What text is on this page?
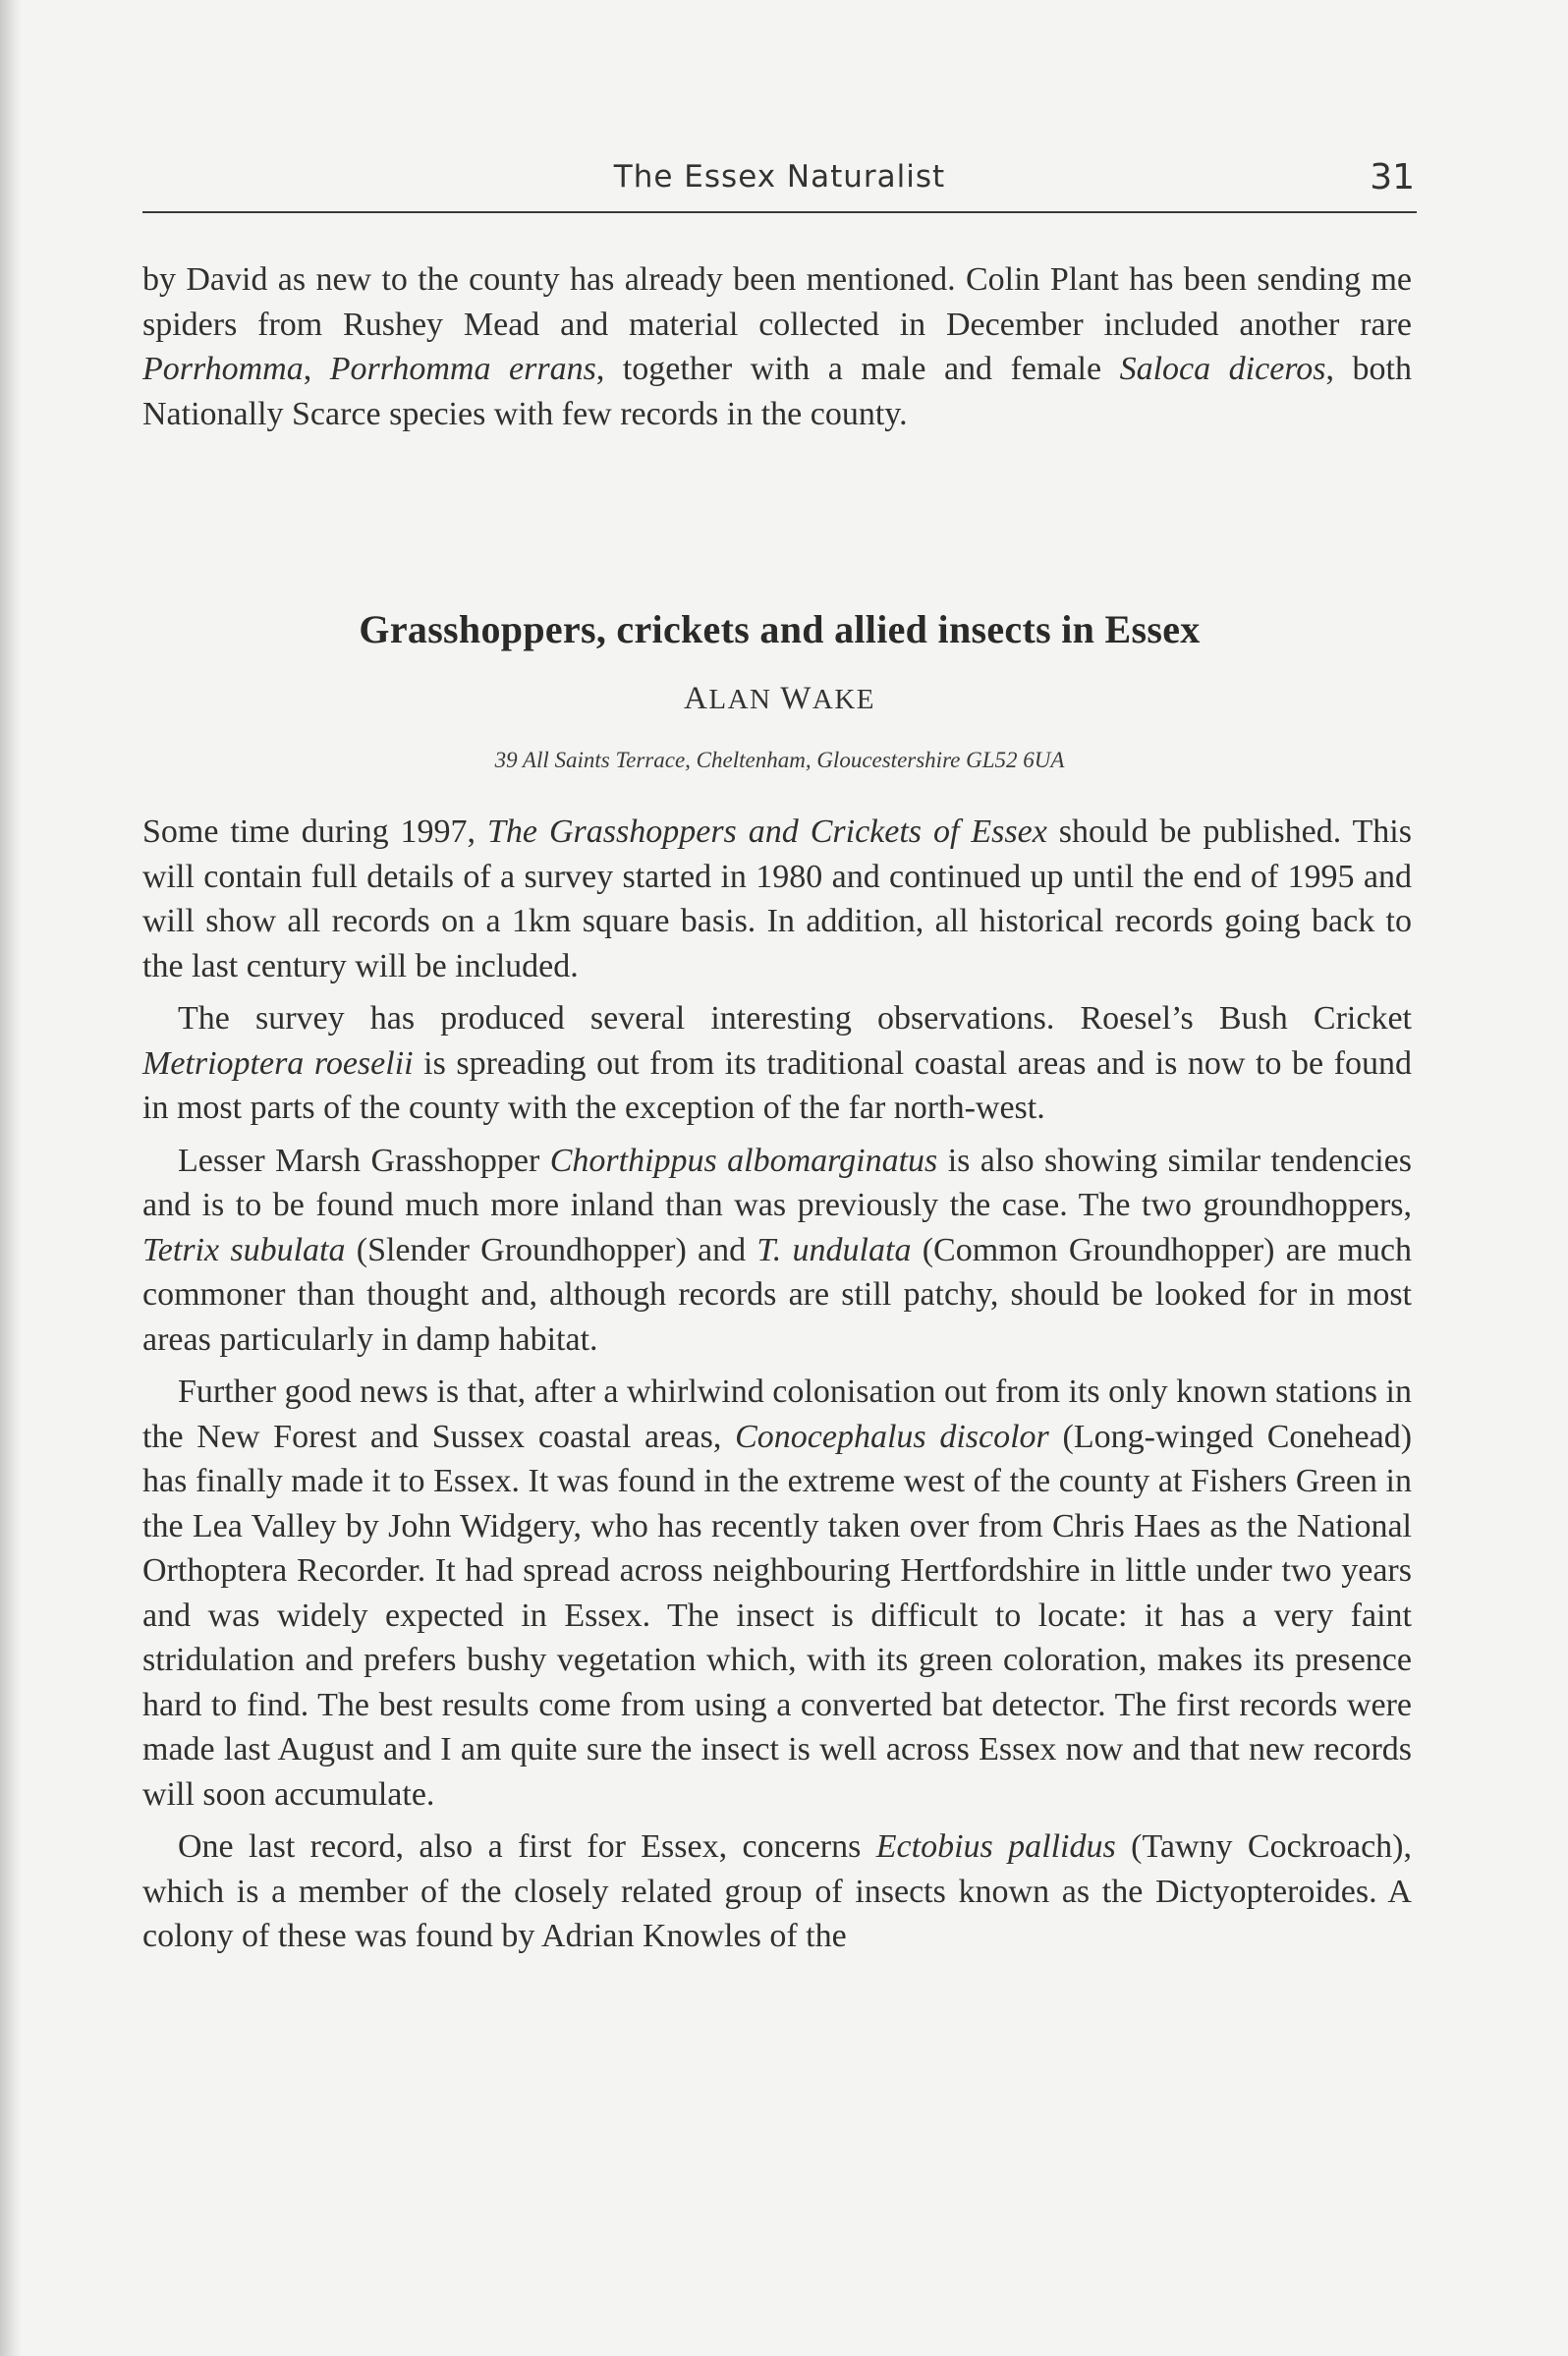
The Essex Naturalist	31

by David as new to the county has already been mentioned. Colin Plant has been sending me spiders from Rushey Mead and material collected in December included another rare Porrhomma, Porrhomma errans, together with a male and female Saloca diceros, both Nationally Scarce species with few records in the county.

Grasshoppers, crickets and allied insects in Essex
ALAN WAKE
39 All Saints Terrace, Cheltenham, Gloucestershire GL52 6UA

Some time during 1997, The Grasshoppers and Crickets of Essex should be published. This will contain full details of a survey started in 1980 and continued up until the end of 1995 and will show all records on a 1km square basis. In addition, all historical records going back to the last century will be included.

The survey has produced several interesting observations. Roesel’s Bush Cricket Metrioptera roeselii is spreading out from its traditional coastal areas and is now to be found in most parts of the county with the exception of the far north-west.

Lesser Marsh Grasshopper Chorthippus albomarginatus is also showing similar tendencies and is to be found much more inland than was previously the case. The two groundhoppers, Tetrix subulata (Slender Groundhopper) and T. undulata (Common Groundhopper) are much commoner than thought and, although records are still patchy, should be looked for in most areas particularly in damp habitat.

Further good news is that, after a whirlwind colonisation out from its only known stations in the New Forest and Sussex coastal areas, Conocephalus discolor (Long-winged Conehead) has finally made it to Essex. It was found in the extreme west of the county at Fishers Green in the Lea Valley by John Widgery, who has recently taken over from Chris Haes as the National Orthoptera Recorder. It had spread across neighbouring Hertfordshire in little under two years and was widely expected in Essex. The insect is difficult to locate: it has a very faint stridulation and prefers bushy vegetation which, with its green coloration, makes its presence hard to find. The best results come from using a converted bat detector. The first records were made last August and I am quite sure the insect is well across Essex now and that new records will soon accumulate.

One last record, also a first for Essex, concerns Ectobius pallidus (Tawny Cockroach), which is a member of the closely related group of insects known as the Dictyopteroides. A colony of these was found by Adrian Knowles of the
